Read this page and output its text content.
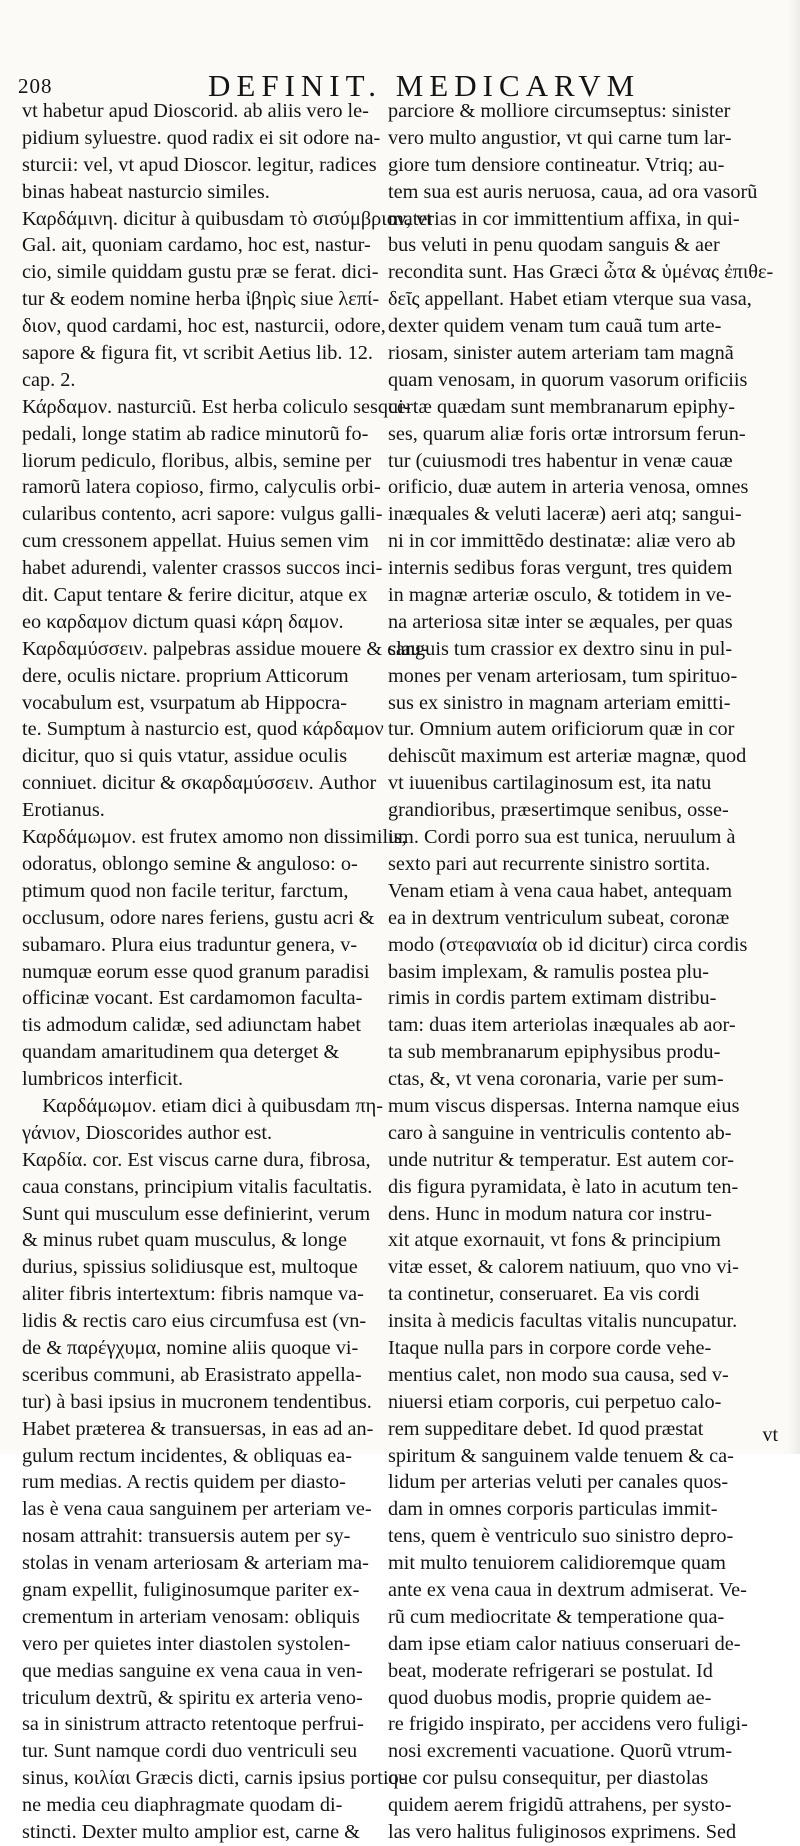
208	DEFINIT. MEDICARVM
vt habetur apud Dioscorid. ab aliis vero le-
pidium syluestre. quod radix ei sit odore na-
sturcii: vel, vt apud Dioscor. legitur, radices
binas habeat nasturcio similes.
Καρδάμινη. dicitur à quibusdam τὸ σισύμβριον, vt
Gal. ait, quoniam cardamo, hoc est, nastur-
cio, simile quiddam gustu præ se ferat. dici-
tur & eodem nomine herba ἰβηρὶς siue λεπί-
διον, quod cardami, hoc est, nasturcii, odore,
sapore & figura fit, vt scribit Aetius lib. 12.
cap. 2.
Κάρδαμον. nasturciũ. Est herba coliculo sesqui-
pedali, longe statim ab radice minutorũ fo-
liorum pediculo, floribus, albis, semine per
ramorũ latera copioso, firmo, calyculis orbi-
cularibus contento, acri sapore: vulgus galli-
cum cressonem appellat. Huius semen vim
habet adurendi, valenter crassos succos inci-
dit. Caput tentare & ferire dicitur, atque ex
eo καρδαμον dictum quasi κάρη δαμον.
Καρδαμύσσειν. palpebras assidue mouere & clau-
dere, oculis nictare. proprium Atticorum
vocabulum est, vsurpatum ab Hippocra-
te. Sumptum à nasturcio est, quod κάρδαμον
dicitur, quo si quis vtatur, assidue oculis
conniuet. dicitur & σκαρδαμύσσειν. Author
Erotianus.
Καρδάμωμον. est frutex amomo non dissimilis,
odoratus, oblongo semine & anguloso: o-
ptimum quod non facile teritur, farctum,
occlusum, odore nares feriens, gustu acri &
subamaro. Plura eius traduntur genera, v-
numquæ eorum esse quod granum paradisi
officinæ vocant. Est cardamomon faculta-
tis admodum calidæ, sed adiunctam habet
quandam amaritudinem qua deterget &
lumbricos interficit.
Καρδάμωμον. etiam dici à quibusdam πη-
γάνιον, Dioscorides author est.
Καρδία. cor. Est viscus carne dura, fibrosa,
caua constans, principium vitalis facultatis.
Sunt qui musculum esse definierint, verum
& minus rubet quam musculus, & longe
durius, spissius solidiusque est, multoque
aliter fibris intertextum: fibris namque va-
lidis & rectis caro eius circumfusa est (vn-
de & παρέγχυμα, nomine aliis quoque vi-
sceribus communi, ab Erasistrato appella-
tur) à basi ipsius in mucronem tendentibus.
Habet præterea & transuersas, in eas ad an-
gulum rectum incidentes, & obliquas ea-
rum medias. A rectis quidem per diasto-
las è vena caua sanguinem per arteriam ve-
nosam attrahit: transuersis autem per sy-
stolas in venam arteriosam & arteriam ma-
gnam expellit, fuliginosumque pariter ex-
crementum in arteriam venosam: obliquis
vero per quietes inter diastolen systolen-
que medias sanguine ex vena caua in ven-
triculum dextrũ, & spiritu ex arteria veno-
sa in sinistrum attracto retentoque perfrui-
tur. Sunt namque cordi duo ventriculi seu
sinus, κοιλίαι Græcis dicti, carnis ipsius portio-
ne media ceu diaphragmate quodam di-
stincti. Dexter multo amplior est, carne &
parciore & molliore circumseptus: sinister
vero multo angustior, vt qui carne tum lar-
giore tum densiore contineatur. Vtriq; au-
tem sua est auris neruosa, caua, ad ora vasorũ
materias in cor immittentium affixa, in qui-
bus veluti in penu quodam sanguis & aer
recondita sunt. Has Græci ὦτα & ὑμένας ἐπιθε-
δεῖς appellant. Habet etiam vterque sua vasa,
dexter quidem venam tum cauã tum arte-
riosam, sinister autem arteriam tam magnã
quam venosam, in quorum vasorum orificiis
certæ quædam sunt membranarum epiphy-
ses, quarum aliæ foris ortæ introrsum ferun-
tur (cuiusmodi tres habentur in venæ cauæ
orificio, duæ autem in arteria venosa, omnes
inæquales & veluti laceræ) aeri atq; sangui-
ni in cor immittẽdo destinatæ: aliæ vero ab
internis sedibus foras vergunt, tres quidem
in magnæ arteriæ osculo, & totidem in ve-
na arteriosa sitæ inter se æquales, per quas
sanguis tum crassior ex dextro sinu in pul-
mones per venam arteriosam, tum spirituo-
sus ex sinistro in magnam arteriam emitti-
tur. Omnium autem orificiorum quæ in cor
dehiscũt maximum est arteriæ magnæ, quod
vt iuuenibus cartilaginosum est, ita natu
grandioribus, præsertimque senibus, osse-
um. Cordi porro sua est tunica, neruulum à
sexto pari aut recurrente sinistro sortita.
Venam etiam à vena caua habet, antequam
ea in dextrum ventriculum subeat, coronæ
modo (στεφανιαία ob id dicitur) circa cordis
basim implexam, & ramulis postea plu-
rimis in cordis partem extimam distribu-
tam: duas item arteriolas inæquales ab aor-
ta sub membranarum epiphysibus produ-
ctas, &, vt vena coronaria, varie per sum-
mum viscus dispersas. Interna namque eius
caro à sanguine in ventriculis contento ab-
unde nutritur & temperatur. Est autem cor-
dis figura pyramidata, è lato in acutum ten-
dens. Hunc in modum natura cor instru-
xit atque exornauit, vt fons & principium
vitæ esset, & calorem natiuum, quo vno vi-
ta continetur, conseruaret. Ea vis cordi
insita à medicis facultas vitalis nuncupatur.
Itaque nulla pars in corpore corde vehe-
mentius calet, non modo sua causa, sed v-
niuersi etiam corporis, cui perpetuo calo-
rem suppeditare debet. Id quod præstat
spiritum & sanguinem valde tenuem & ca-
lidum per arterias veluti per canales quos-
dam in omnes corporis particulas immit-
tens, quem è ventriculo suo sinistro depro-
mit multo tenuiorem calidioremque quam
ante ex vena caua in dextrum admiserat. Ve-
rũ cum mediocritate & temperatione qua-
dam ipse etiam calor natiuus conseruari de-
beat, moderate refrigerari se postulat. Id
quod duobus modis, proprie quidem ae-
re frigido inspirato, per accidens vero fuligi-
nosi excrementi vacuatione. Quorũ vtrum-
que cor pulsu consequitur, per diastolas
quidem aerem frigidũ attrahens, per systo-
las vero halitus fuliginosos exprimens. Sed
vt
